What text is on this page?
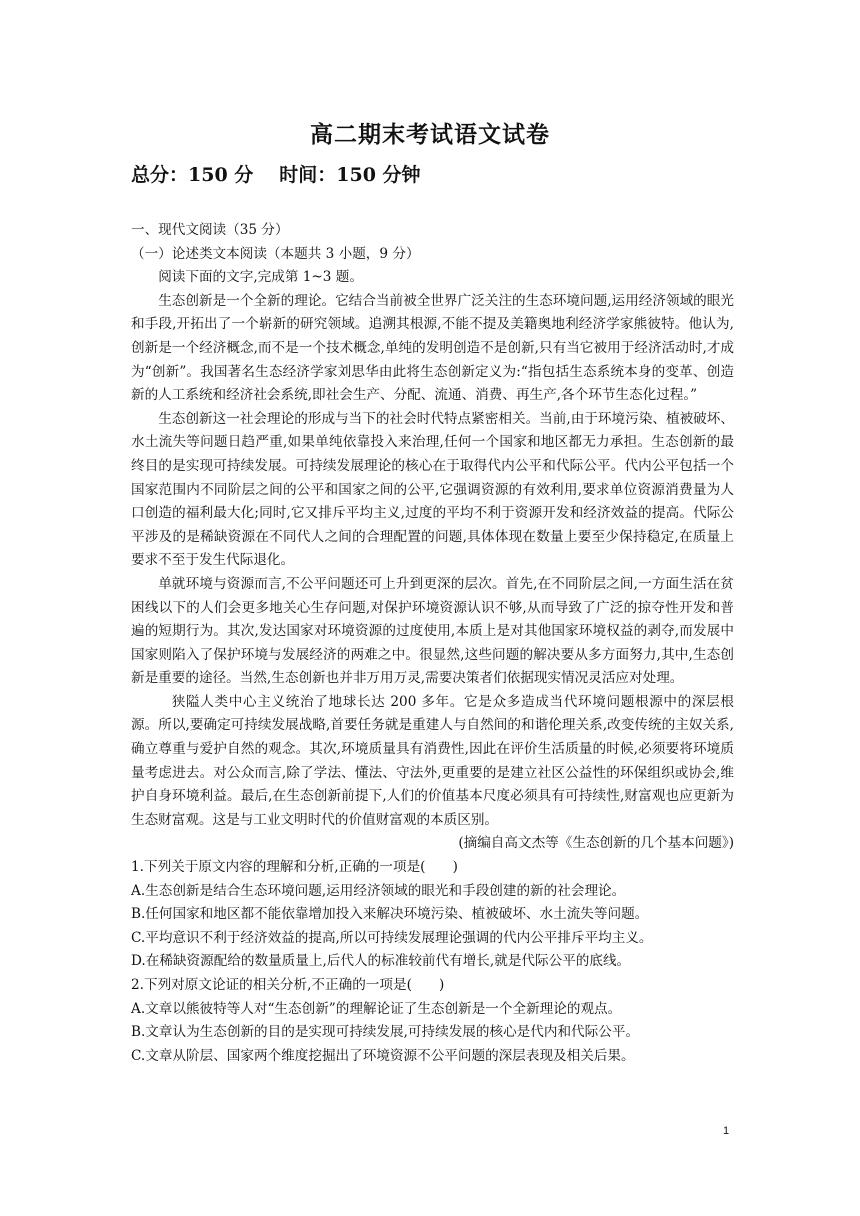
高二期末考试语文试卷
总分：150 分 时间：150 分钟

一、现代文阅读（35 分）

（一）论述类文本阅读（本题共 3 小题，9 分）

阅读下面的文字,完成第 1~3 题。

生态创新是一个全新的理论。它结合当前被全世界广泛关注的生态环境问题,运用经济领域的眼光和手段,开拓出了一个崭新的研究领域。追溯其根源,不能不提及美籍奥地利经济学家熊彼特。他认为,创新是一个经济概念,而不是一个技术概念,单纯的发明创造不是创新,只有当它被用于经济活动时,才成为“创新”。我国著名生态经济学家刘思华由此将生态创新定义为:“指包括生态系统本身的变革、创造新的人工系统和经济社会系统,即社会生产、分配、流通、消费、再生产,各个环节生态化过程。”

生态创新这一社会理论的形成与当下的社会时代特点紧密相关。当前,由于环境污染、植被破坏、水土流失等问题日趋严重,如果单纯依靠投入来治理,任何一个国家和地区都无力承担。生态创新的最终目的是实现可持续发展。可持续发展理论的核心在于取得代内公平和代际公平。代内公平包括一个国家范围内不同阶层之间的公平和国家之间的公平,它强调资源的有效利用,要求单位资源消费量为人口创造的福利最大化;同时,它又排斥平均主义,过度的平均不利于资源开发和经济效益的提高。代际公平涉及的是稀缺资源在不同代人之间的合理配置的问题,具体体现在数量上要至少保持稳定,在质量上要求不至于发生代际退化。

单就环境与资源而言,不公平问题还可上升到更深的层次。首先,在不同阶层之间,一方面生活在贫困线以下的人们会更多地关心生存问题,对保护环境资源认识不够,从而导致了广泛的掠夺性开发和普遍的短期行为。其次,发达国家对环境资源的过度使用,本质上是对其他国家环境权益的剥夺,而发展中国家则陷入了保护环境与发展经济的两难之中。很显然,这些问题的解决要从多方面努力,其中,生态创新是重要的途径。当然,生态创新也并非万用万灵,需要决策者们依据现实情况灵活应对处理。

狭隘人类中心主义统治了地球长达 200 多年。它是众多造成当代环境问题根源中的深层根源。所以,要确定可持续发展战略,首要任务就是重建人与自然间的和谐伦理关系,改变传统的主奴关系,确立尊重与爱护自然的观念。其次,环境质量具有消费性,因此在评价生活质量的时候,必须要将环境质量考虑进去。对公众而言,除了学法、懂法、守法外,更重要的是建立社区公益性的环保组织或协会,维护自身环境利益。最后,在生态创新前提下,人们的价值基本尺度必须具有可持续性,财富观也应更新为生态财富观。这是与工业文明时代的价值财富观的本质区别。

(摘编自高文杰等《生态创新的几个基本问题》)

1.下列关于原文内容的理解和分析,正确的一项是(　　)

A.生态创新是结合生态环境问题,运用经济领域的眼光和手段创建的新的社会理论。

B.任何国家和地区都不能依靠增加投入来解决环境污染、植被破坏、水土流失等问题。

C.平均意识不利于经济效益的提高,所以可持续发展理论强调的代内公平排斥平均主义。

D.在稀缺资源配给的数量质量上,后代人的标准较前代有增长,就是代际公平的底线。

2.下列对原文论证的相关分析,不正确的一项是(　　)

A.文章以熊彼特等人对“生态创新”的理解论证了生态创新是一个全新理论的观点。

B.文章认为生态创新的目的是实现可持续发展,可持续发展的核心是代内和代际公平。

C.文章从阶层、国家两个维度挖掘出了环境资源不公平问题的深层表现及相关后果。

1
